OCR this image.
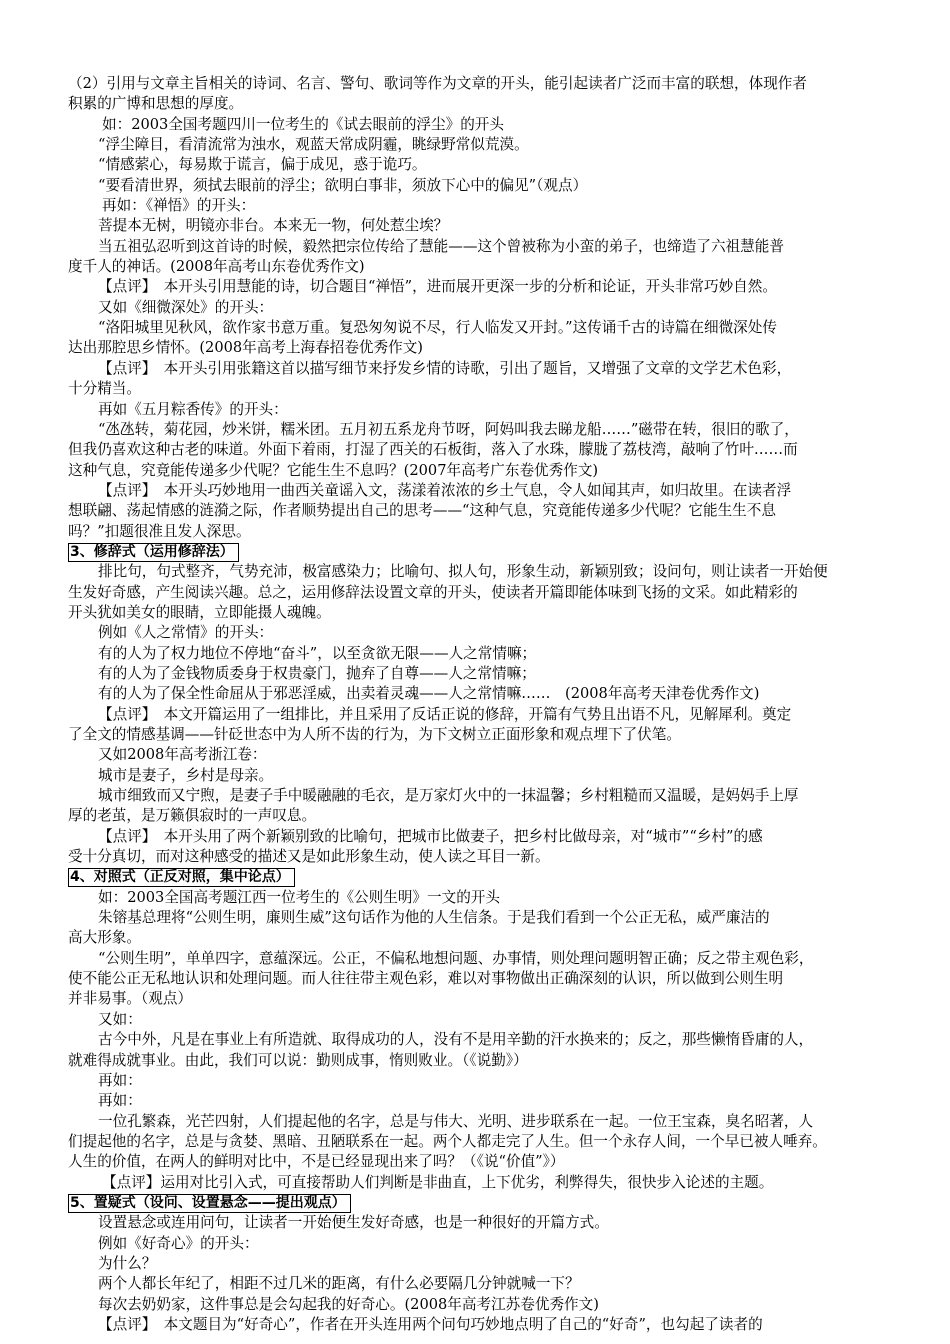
（2）引用与文章主旨相关的诗词、名言、警句、歌词等作为文章的开头，能引起读者广泛而丰富的联想，体现作者
积累的广博和思想的厚度。
如：2003全国考题四川一位考生的《试去眼前的浮尘》的开头
“浮尘障目，看清流常为浊水，观蓝天常成阴霾，眺绿野常似荒漠。
“情感萦心，每易欺于谎言，偏于成见，惑于诡巧。
“要看清世界，须拭去眼前的浮尘；欲明白事非，须放下心中的偏见”（观点）
再如：《禅悟》的开头：
菩提本无树，明镜亦非台。本来无一物，何处惹尘埃？
当五祖弘忍听到这首诗的时候，毅然把宗位传给了慧能——这个曾被称为小蛮的弟子，也缔造了六祖慧能普
度千人的神话。(2008年高考山东卷优秀作文)
【点评】　本开头引用慧能的诗，切合题目“禅悟”，进而展开更深一步的分析和论证，开头非常巧妙自然。
又如《细微深处》的开头：
“洛阳城里见秋风，欲作家书意万重。复恐匆匆说不尽，行人临发又开封。”这传诵千古的诗篇在细微深处传
达出那腔思乡情怀。(2008年高考上海春招卷优秀作文)
【点评】　本开头引用张籍这首以描写细节来抒发乡情的诗歌，引出了题旨，又增强了文章的文学艺术色彩，
十分精当。
再如《五月粽香传》的开头：
“氹氹转，菊花园，炒米饼，糯米团。五月初五系龙舟节呀，阿妈叫我去睇龙船……”磁带在转，很旧的歌了，
但我仍喜欢这种古老的味道。外面下着雨，打湿了西关的石板街，落入了水珠，朦胧了荔枝湾，敲响了竹叶……而
这种气息，究竟能传递多少代呢？它能生生不息吗？(2007年高考广东卷优秀作文)
【点评】　本开头巧妙地用一曲西关童谣入文，荡漾着浓浓的乡土气息，令人如闻其声，如归故里。在读者浮
想联翩、荡起情感的涟漪之际，作者顺势提出自己的思考——“这种气息，究竟能传递多少代呢？它能生生不息
吗？”扣题很准且发人深思。
3、修辞式（运用修辞法）
排比句，句式整齐，气势充沛，极富感染力；比喻句、拟人句，形象生动，新颖别致；设问句，则让读者一开始便
生发好奇感，产生阅读兴趣。总之，运用修辞法设置文章的开头，使读者开篇即能体味到飞扬的文采。如此精彩的
开头犹如美女的眼睛，立即能摄人魂魄。
例如《人之常情》的开头：
有的人为了权力地位不停地“奋斗”，以至贪欲无限——人之常情嘛；
有的人为了金钱物质委身于权贵豪门，抛弃了自尊——人之常情嘛；
有的人为了保全性命屈从于邪恶淫威，出卖着灵魂——人之常情嘛……　(2008年高考天津卷优秀作文)
【点评】　本文开篇运用了一组排比，并且采用了反话正说的修辞，开篇有气势且出语不凡，见解犀利。奠定
了全文的情感基调——针砭世态中为人所不齿的行为，为下文树立正面形象和观点埋下了伏笔。
又如2008年高考浙江卷：
城市是妻子，乡村是母亲。
城市细致而又宁煦，是妻子手中暖融融的毛衣，是万家灯火中的一抹温馨；乡村粗糙而又温暖，是妈妈手上厚
厚的老茧，是万籁俱寂时的一声叹息。
【点评】　本开头用了两个新颖别致的比喻句，把城市比做妻子，把乡村比做母亲，对“城市”“乡村”的感
受十分真切，而对这种感受的描述又是如此形象生动，使人读之耳目一新。
4、对照式（正反对照，集中论点）
如：2003全国高考题江西一位考生的《公则生明》一文的开头
朱镕基总理将“公则生明，廉则生威”这句话作为他的人生信条。于是我们看到一个公正无私，威严廉洁的
高大形象。
“公则生明”，单单四字，意蕴深远。公正，不偏私地想问题、办事情，则处理问题明智正确；反之带主观色彩，
使不能公正无私地认识和处理问题。而人往往带主观色彩，难以对事物做出正确深刻的认识，所以做到公则生明
并非易事。（观点）
又如：
古今中外，凡是在事业上有所造就、取得成功的人，没有不是用辛勤的汗水换来的；反之，那些懒惰昏庸的人，
就难得成就事业。由此，我们可以说：勤则成事，惰则败业。（《说勤》）
再如：
再如：
一位孔繁森，光芒四射，人们提起他的名字，总是与伟大、光明、进步联系在一起。一位王宝森，臭名昭著，人
们提起他的名字，总是与贪婪、黑暗、丑陋联系在一起。两个人都走完了人生。但一个永存人间，一个早已被人唾弃。
人生的价值，在两人的鲜明对比中，不是已经显现出来了吗？（《说“价值”》）
【点评】运用对比引入式，可直接帮助人们判断是非曲直，上下优劣，利弊得失，很快步入论述的主题。
5、置疑式（设问、设置悬念——提出观点）
设置悬念或连用问句，让读者一开始便生发好奇感，也是一种很好的开篇方式。
例如《好奇心》的开头：
为什么？
两个人都长年纪了，相距不过几米的距离，有什么必要隔几分钟就喊一下？
每次去奶奶家，这件事总是会勾起我的好奇心。(2008年高考江苏卷优秀作文)
【点评】　本文题目为“好奇心”，作者在开头连用两个问句巧妙地点明了自己的“好奇”，也勾起了读者的
